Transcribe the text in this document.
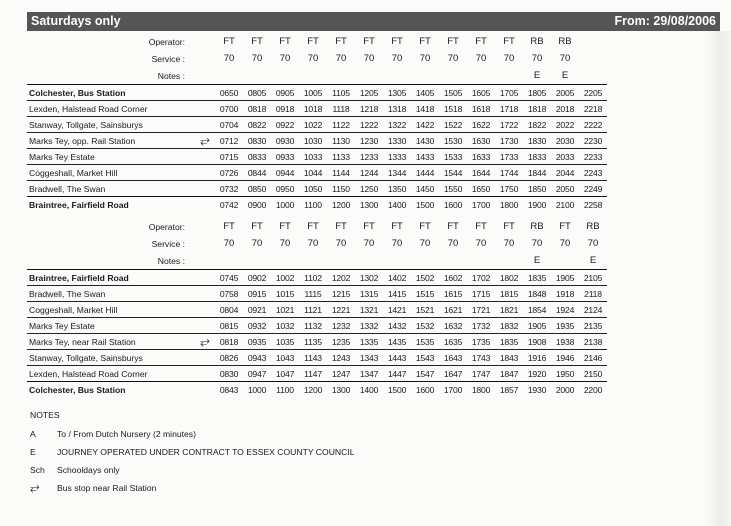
Saturdays only	From: 29/08/2006
Operator:		FT	FT	FT	FT	FT	FT	FT	FT	FT	FT	FT	RB	RB	
Service :		70	70	70	70	70	70	70	70	70	70	70	70	70	
Notes :													E	E	
Colchester, Bus Station		0650	0805	0905	1005	1105	1205	1305	1405	1505	1605	1705	1805	2005	2205
Lexden, Halstead Road Corner		0700	0818	0918	1018	1118	1218	1318	1418	1518	1618	1718	1818	2018	2218
Stanway, Tollgate, Sainsburys		0704	0822	0922	1022	1122	1222	1322	1422	1522	1622	1722	1822	2022	2222
Marks Tey, opp. Rail Station	⥂	0712	0830	0930	1030	1130	1230	1330	1430	1530	1630	1730	1830	2030	2230
Marks Tey Estate		0715	0833	0933	1033	1133	1233	1333	1433	1533	1633	1733	1833	2033	2233
Coggeshall, Market Hill		0726	0844	0944	1044	1144	1244	1344	1444	1544	1644	1744	1844	2044	2243
Bradwell, The Swan		0732	0850	0950	1050	1150	1250	1350	1450	1550	1650	1750	1850	2050	2249
Braintree, Fairfield Road		0742	0900	1000	1100	1200	1300	1400	1500	1600	1700	1800	1900	2100	2258
Operator:		FT	FT	FT	FT	FT	FT	FT	FT	FT	FT	FT	RB	FT	RB
Service :		70	70	70	70	70	70	70	70	70	70	70	70	70	70
Notes :													E		E
Braintree, Fairfield Road		0745	0902	1002	1102	1202	1302	1402	1502	1602	1702	1802	1835	1905	2105
Bradwell, The Swan		0758	0915	1015	1115	1215	1315	1415	1515	1615	1715	1815	1848	1918	2118
Coggeshall, Market Hill		0804	0921	1021	1121	1221	1321	1421	1521	1621	1721	1821	1854	1924	2124
Marks Tey Estate		0815	0932	1032	1132	1232	1332	1432	1532	1632	1732	1832	1905	1935	2135
Marks Tey, near Rail Station	⥂	0818	0935	1035	1135	1235	1335	1435	1535	1635	1735	1835	1908	1938	2138
Stanway, Tollgate, Sainsburys		0826	0943	1043	1143	1243	1343	1443	1543	1643	1743	1843	1916	1946	2146
Lexden, Halstead Road Corner		0830	0947	1047	1147	1247	1347	1447	1547	1647	1747	1847	1920	1950	2150
Colchester, Bus Station		0843	1000	1100	1200	1300	1400	1500	1600	1700	1800	1857	1930	2000	2200
NOTES
A	To / From Dutch Nursery (2 minutes)
E	JOURNEY OPERATED UNDER CONTRACT TO ESSEX COUNTY COUNCIL
Sch	Schooldays only
⥂	Bus stop near Rail Station
